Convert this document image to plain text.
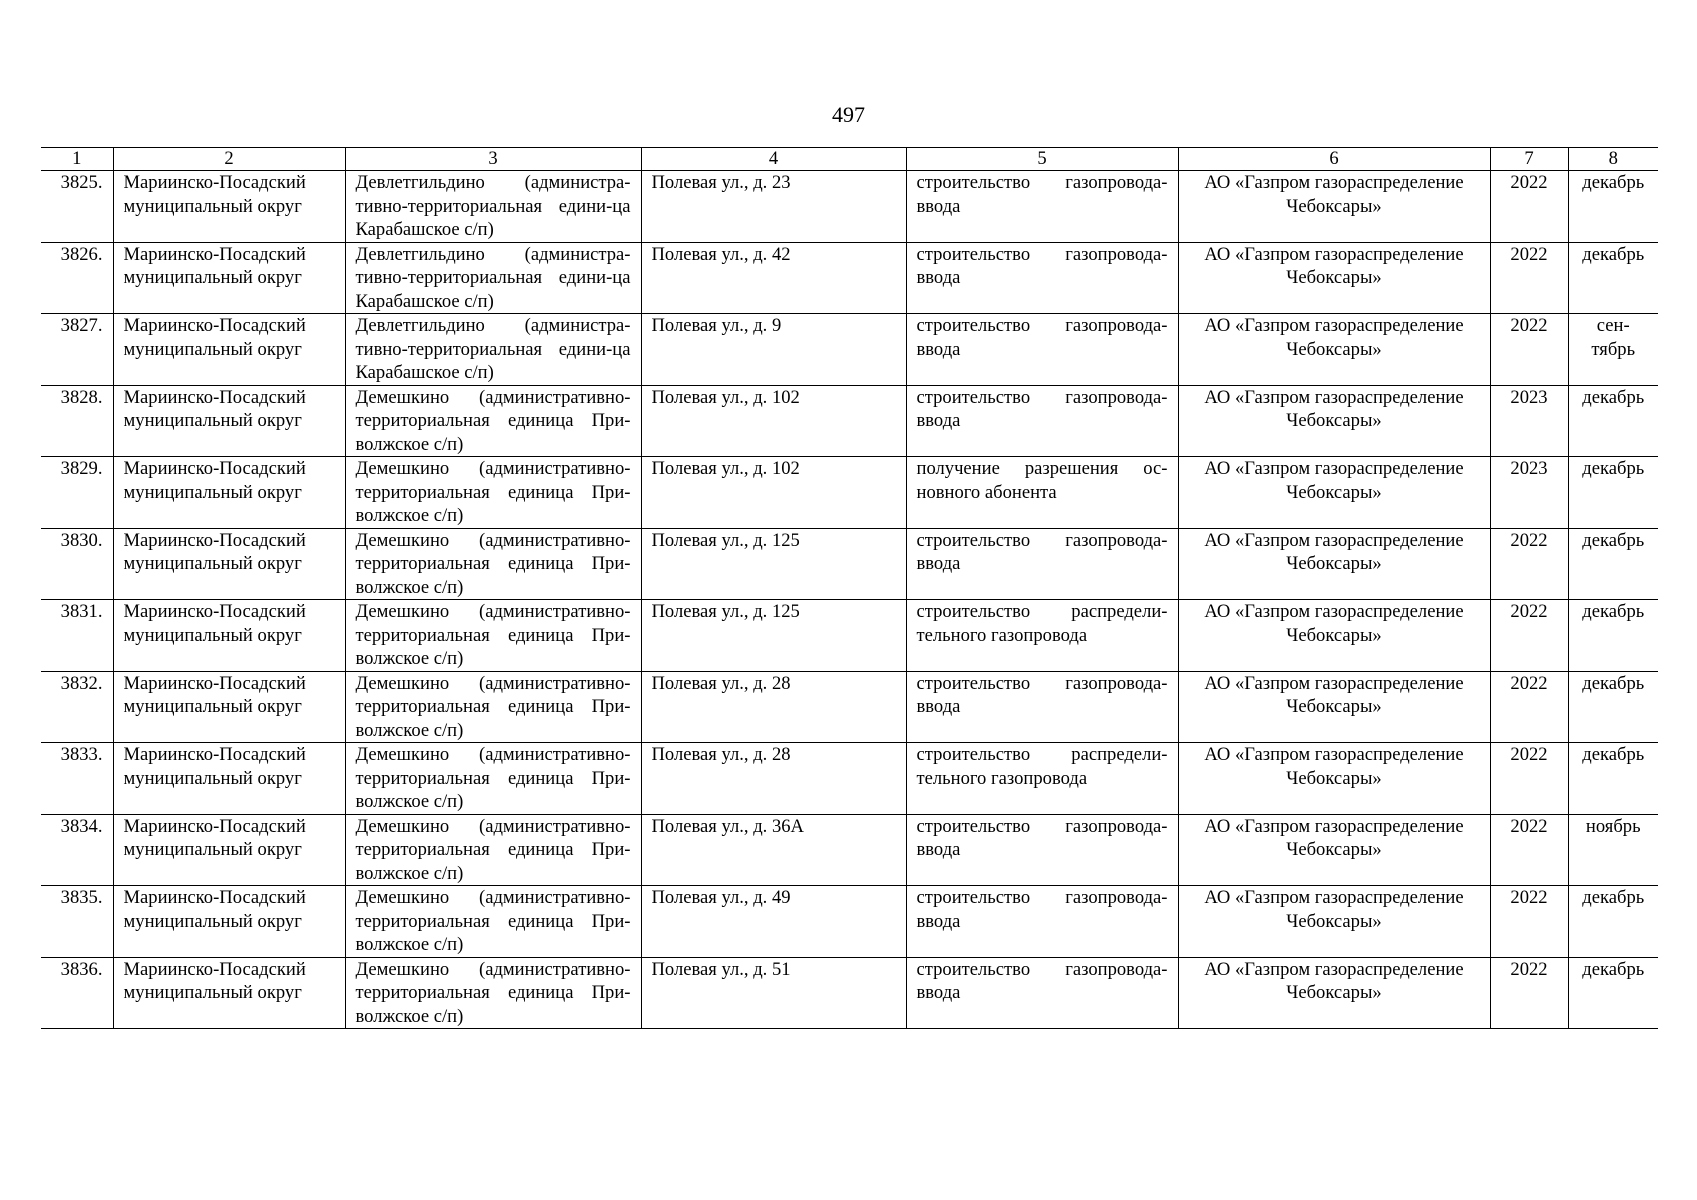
497
1	2	3	4	5	6	7	8
3825.	Мариинско-Посадский муниципальный округ	Девлетгильдино (администра-тивно-территориальная едини-ца Карабашское с/п)	Полевая ул., д. 23	строительство газопровода-ввода	АО «Газпром газораспределение Чебоксары»	2022	декабрь
3826.	Мариинско-Посадский муниципальный округ	Девлетгильдино (администра-тивно-территориальная едини-ца Карабашское с/п)	Полевая ул., д. 42	строительство газопровода-ввода	АО «Газпром газораспределение Чебоксары»	2022	декабрь
3827.	Мариинско-Посадский муниципальный округ	Девлетгильдино (администра-тивно-территориальная едини-ца Карабашское с/п)	Полевая ул., д. 9	строительство газопровода-ввода	АО «Газпром газораспределение Чебоксары»	2022	сен-тябрь
3828.	Мариинско-Посадский муниципальный округ	Демешкино (административно-территориальная единица При-волжское с/п)	Полевая ул., д. 102	строительство газопровода-ввода	АО «Газпром газораспределение Чебоксары»	2023	декабрь
3829.	Мариинско-Посадский муниципальный округ	Демешкино (административно-территориальная единица При-волжское с/п)	Полевая ул., д. 102	получение разрешения ос-новного абонента	АО «Газпром газораспределение Чебоксары»	2023	декабрь
3830.	Мариинско-Посадский муниципальный округ	Демешкино (административно-территориальная единица При-волжское с/п)	Полевая ул., д. 125	строительство газопровода-ввода	АО «Газпром газораспределение Чебоксары»	2022	декабрь
3831.	Мариинско-Посадский муниципальный округ	Демешкино (административно-территориальная единица При-волжское с/п)	Полевая ул., д. 125	строительство распредели-тельного газопровода	АО «Газпром газораспределение Чебоксары»	2022	декабрь
3832.	Мариинско-Посадский муниципальный округ	Демешкино (административно-территориальная единица При-волжское с/п)	Полевая ул., д. 28	строительство газопровода-ввода	АО «Газпром газораспределение Чебоксары»	2022	декабрь
3833.	Мариинско-Посадский муниципальный округ	Демешкино (административно-территориальная единица При-волжское с/п)	Полевая ул., д. 28	строительство распредели-тельного газопровода	АО «Газпром газораспределение Чебоксары»	2022	декабрь
3834.	Мариинско-Посадский муниципальный округ	Демешкино (административно-территориальная единица При-волжское с/п)	Полевая ул., д. 36А	строительство газопровода-ввода	АО «Газпром газораспределение Чебоксары»	2022	ноябрь
3835.	Мариинско-Посадский муниципальный округ	Демешкино (административно-территориальная единица При-волжское с/п)	Полевая ул., д. 49	строительство газопровода-ввода	АО «Газпром газораспределение Чебоксары»	2022	декабрь
3836.	Мариинско-Посадский муниципальный округ	Демешкино (административно-территориальная единица При-волжское с/п)	Полевая ул., д. 51	строительство газопровода-ввода	АО «Газпром газораспределение Чебоксары»	2022	декабрь
